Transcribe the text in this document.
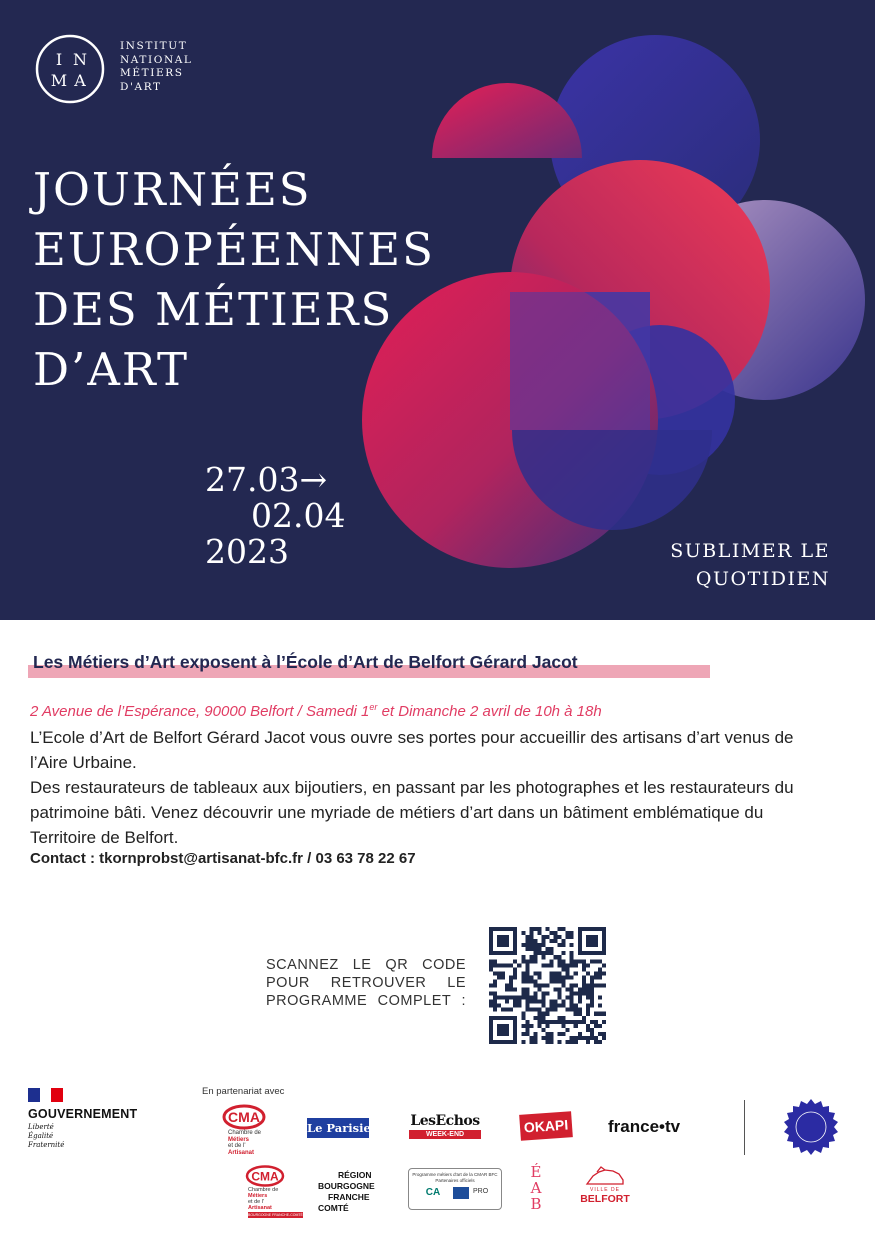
I N
M A
INSTITUT
NATIONAL
MÉTIERS
D'ART
JOURNÉES
EUROPÉENNES
DES MÉTIERS
D’ART
27.03→
02.04
2023	SUBLIMER LE
QUOTIDIEN
Les Métiers d’Art exposent à l’École d’Art de Belfort Gérard Jacot
2 Avenue de l’Espérance, 90000 Belfort / Samedi 1er et Dimanche 2 avril de 10h à 18h

L’Ecole d’Art de Belfort Gérard Jacot vous ouvre ses portes pour accueillir des artisans d’art venus de l’Aire Urbaine.

Des restaurateurs de tableaux aux bijoutiers, en passant par les photographes et les restaurateurs du patrimoine bâti. Venez découvrir une myriade de métiers d’art dans un bâtiment emblématique du Territoire de Belfort.

Contact : tkornprobst@artisanat-bfc.fr / 03 63 78 22 67
SCANNEZ LE QR CODE
POUR RETROUVER LE
PROGRAMME COMPLET :
GOUVERNEMENT
Liberté
Égalité
Fraternité
En partenariat avec
CMA
Chambre de
Métiers
et de l'
Artisanat
Le Parisien LesEchos
WEEK-END	OKAPI france•tv
CMA
Chambre de
Métiers
et de l'
Artisanat
BOURGOGNE FRANCHE-COMTÉ
RÉGION
BOURGOGNE
FRANCHE
COMTÉ
Programme métiers d'art de la CMAR BFC
Partenaires officiels
CA	PRO
É
A
B
VILLE DE
BELFORT
